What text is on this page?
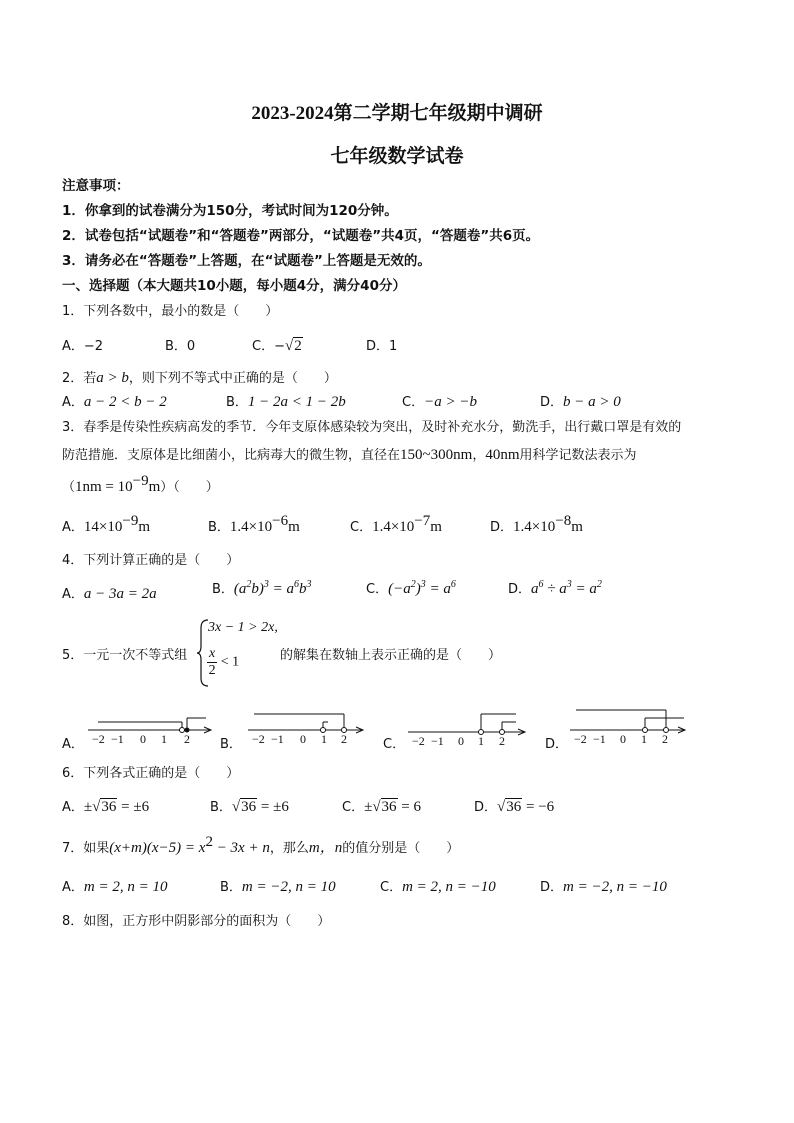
2023-2024第二学期七年级期中调研
七年级数学试卷
注意事项：
1．你拿到的试卷满分为150分，考试时间为120分钟。
2．试卷包括“试题卷”和“答题卷”两部分，“试题卷”共4页，“答题卷”共6页。
3．请务必在“答题卷”上答题，在“试题卷”上答题是无效的。
一、选择题（本大题共10小题，每小题4分，满分40分）
1．下列各数中，最小的数是（　　）
A．−2	B．0	C．−√2	D．1
2．若a > b，则下列不等式中正确的是（　　）
A．a − 2 < b − 2	B．1 − 2a < 1 − 2b	C．−a > −b	D．b − a > 0
3．春季是传染性疾病高发的季节．今年支原体感染较为突出，及时补充水分，勤洗手，出行戴口罩是有效的
防范措施．支原体是比细菌小，比病毒大的微生物，直径在150~300nm，40nm用科学记数法表示为
$(1nm = 10^{-9}m)$（　　）
A．$14\times 10^{-9}m$	B．$1.4\times 10^{-6}m$	C．$1.4\times 10^{-7}m$	D．$1.4\times 10^{-8}m$
4．下列计算正确的是（　　）
A．a − 3a = 2a	B．$(a^2b)^3 = a^6b^3$	C．$(-a^2)^3 = a^6$	D．$a^6 \div a^3 = a^2$
5．一元一次不等式组
3x − 1 > 2x,
$\frac{x}{2} < 1$	的解集在数轴上表示正确的是（　　）
A． −2 −1 0 1 2 B． −2 −1 0 1 2	C． −2 −1 0 1 2	D． −2 −1 0 1 2
6．下列各式正确的是（　　）
A．±√36 = ±6	B．√36 = ±6	C．±√36 = 6	D．√36 = −6
7．如果$(x+m)(x-5) = x^2 - 3x + n$，那么m，n的值分别是（　　）
A．m = 2, n = 10	B．m = −2, n = 10	C．m = 2, n = −10	D．m = −2, n = −10
8．如图，正方形中阴影部分的面积为（　　）
